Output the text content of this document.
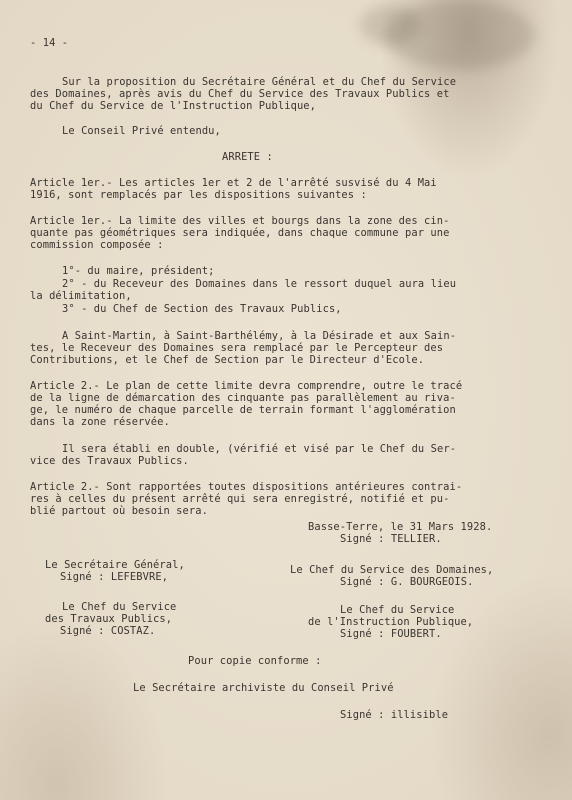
- 14 -

Sur la proposition du Secrétaire Général et du Chef du Service

des Domaines, après avis du Chef du Service des Travaux Publics et

du Chef du Service de l'Instruction Publique,

Le Conseil Privé entendu,

ARRETE :

Article 1er.- Les articles 1er et 2 de l'arrêté susvisé du 4 Mai

1916, sont remplacés par les dispositions suivantes :

Article 1er.- La limite des villes et bourgs dans la zone des cin-

quante pas géométriques sera indiquée, dans chaque commune par une

commission composée :

1°- du maire, président;

2° - du Receveur des Domaines dans le ressort duquel aura lieu

la délimitation,

3° - du Chef de Section des Travaux Publics,

A Saint-Martin, à Saint-Barthélémy, à la Désirade et aux Sain-

tes, le Receveur des Domaines sera remplacé par le Percepteur des

Contributions, et le Chef de Section par le Directeur d'Ecole.

Article 2.- Le plan de cette limite devra comprendre, outre le tracé

de la ligne de démarcation des cinquante pas parallèlement au riva-

ge, le numéro de chaque parcelle de terrain formant l'agglomération

dans la zone réservée.

Il sera établi en double, (vérifié et visé par le Chef du Ser-

vice des Travaux Publics.

Article 2.- Sont rapportées toutes dispositions antérieures contrai-

res à celles du présent arrêté qui sera enregistré, notifié et pu-

blié partout où besoin sera.

Basse-Terre, le 31 Mars 1928.

Signé : TELLIER.

Le Secrétaire Général,

Signé : LEFEBVRE,

Le Chef du Service des Domaines,

Signé : G. BOURGEOIS.

Le Chef du Service

des Travaux Publics,

Signé : COSTAZ.

Le Chef du Service

de l'Instruction Publique,

Signé : FOUBERT.

Pour copie conforme :

Le Secrétaire archiviste du Conseil Privé

Signé : illisible
